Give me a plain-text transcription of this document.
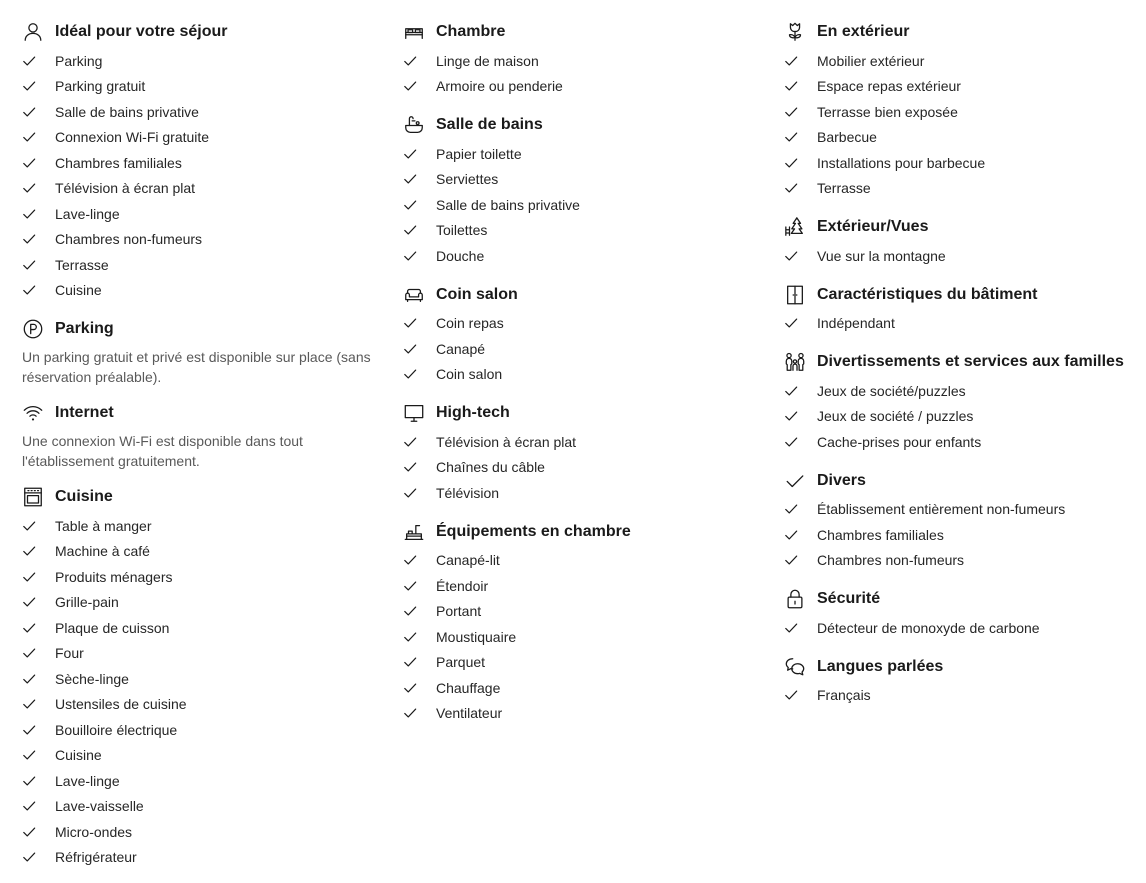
Idéal pour votre séjour
Parking
Parking gratuit
Salle de bains privative
Connexion Wi-Fi gratuite
Chambres familiales
Télévision à écran plat
Lave-linge
Chambres non-fumeurs
Terrasse
Cuisine
Parking

Un parking gratuit et privé est disponible sur place (sans réservation préalable).

Internet

Une connexion Wi-Fi est disponible dans tout l'établissement gratuitement.

Cuisine
Table à manger
Machine à café
Produits ménagers
Grille-pain
Plaque de cuisson
Four
Sèche-linge
Ustensiles de cuisine
Bouilloire électrique
Cuisine
Lave-linge
Lave-vaisselle
Micro-ondes
Réfrigérateur
Chambre
Linge de maison
Armoire ou penderie
Salle de bains
Papier toilette
Serviettes
Salle de bains privative
Toilettes
Douche
Coin salon
Coin repas
Canapé
Coin salon
High-tech
Télévision à écran plat
Chaînes du câble
Télévision
Équipements en chambre
Canapé-lit
Étendoir
Portant
Moustiquaire
Parquet
Chauffage
Ventilateur
En extérieur
Mobilier extérieur
Espace repas extérieur
Terrasse bien exposée
Barbecue
Installations pour barbecue
Terrasse
Extérieur/Vues
Vue sur la montagne
Caractéristiques du bâtiment
Indépendant
Divertissements et services aux familles
Jeux de société/puzzles
Jeux de société / puzzles
Cache-prises pour enfants
Divers
Établissement entièrement non-fumeurs
Chambres familiales
Chambres non-fumeurs
Sécurité
Détecteur de monoxyde de carbone
Langues parlées
Français
